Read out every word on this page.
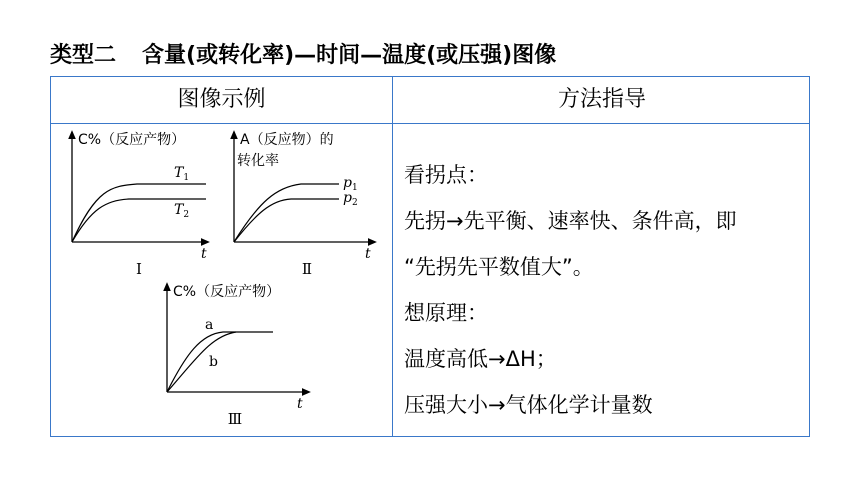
类型二 含量(或转化率)—时间—温度(或压强)图像
图像示例	方法指导
C%（反应产物）
$T_1$
$T_2$
t
Ⅰ
A（反应物）的
转化率
$p_1$
$p_2$
t
Ⅱ
C%（反应产物）
a
b
t
Ⅲ
看拐点：
先拐→先平衡、速率快、条件高，即
“先拐先平数值大”。
想原理：
温度高低→ΔH；
压强大小→气体化学计量数
